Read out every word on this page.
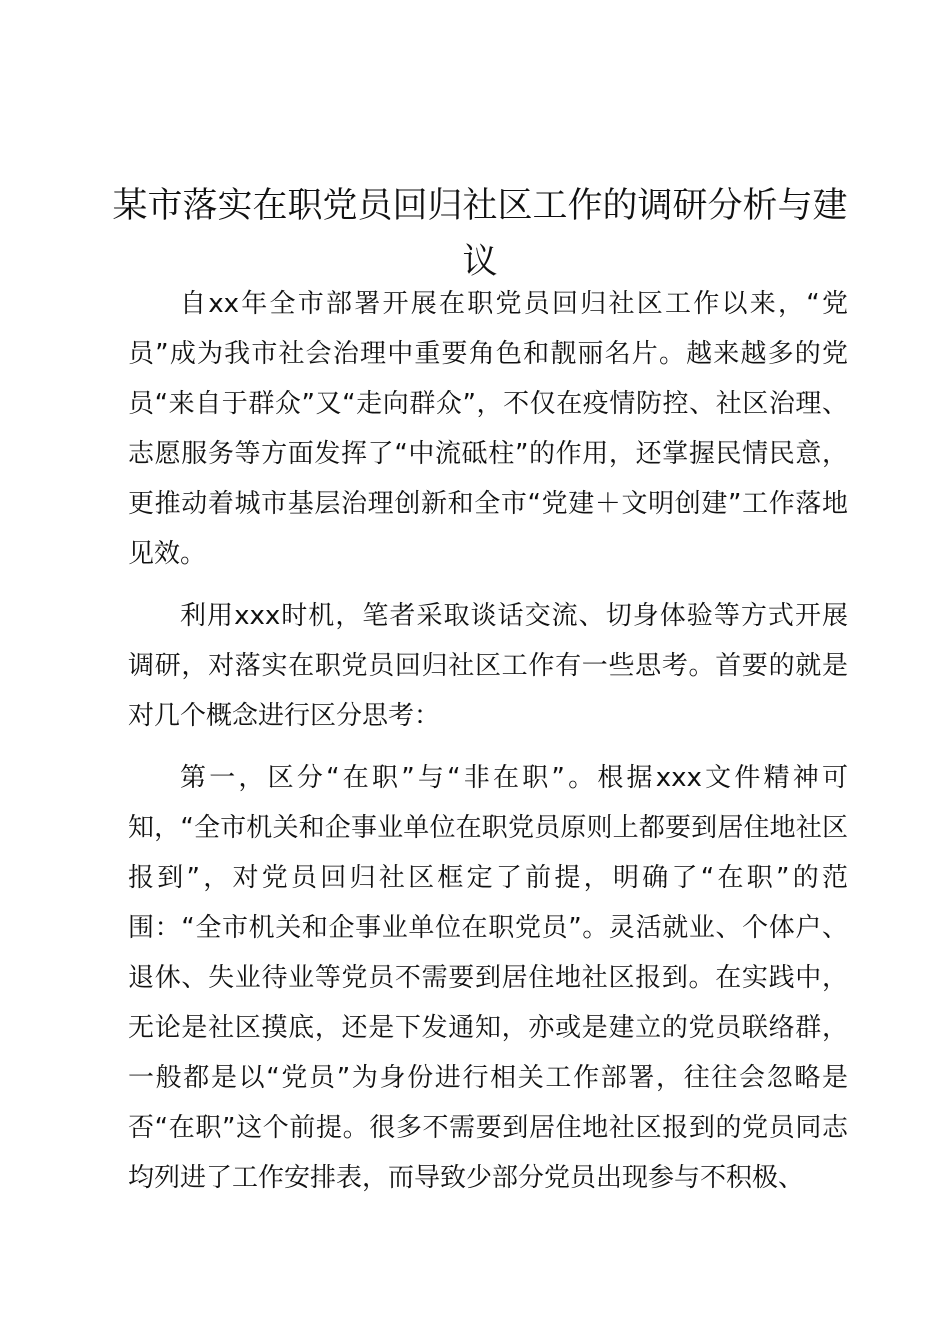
某市落实在职党员回归社区工作的调研分析与建议

自xx年全市部署开展在职党员回归社区工作以来，“党员”成为我市社会治理中重要角色和靓丽名片。越来越多的党员“来自于群众”又“走向群众”，不仅在疫情防控、社区治理、志愿服务等方面发挥了“中流砥柱”的作用，还掌握民情民意，更推动着城市基层治理创新和全市“党建＋文明创建”工作落地见效。

利用xxx时机，笔者采取谈话交流、切身体验等方式开展调研，对落实在职党员回归社区工作有一些思考。首要的就是对几个概念进行区分思考：

第一，区分“在职”与“非在职”。根据xxx文件精神可知，“全市机关和企事业单位在职党员原则上都要到居住地社区报到”，对党员回归社区框定了前提，明确了“在职”的范围：“全市机关和企事业单位在职党员”。灵活就业、个体户、退休、失业待业等党员不需要到居住地社区报到。在实践中，无论是社区摸底，还是下发通知，亦或是建立的党员联络群，一般都是以“党员”为身份进行相关工作部署，往往会忽略是否“在职”这个前提。很多不需要到居住地社区报到的党员同志均列进了工作安排表，而导致少部分党员出现参与不积极、
